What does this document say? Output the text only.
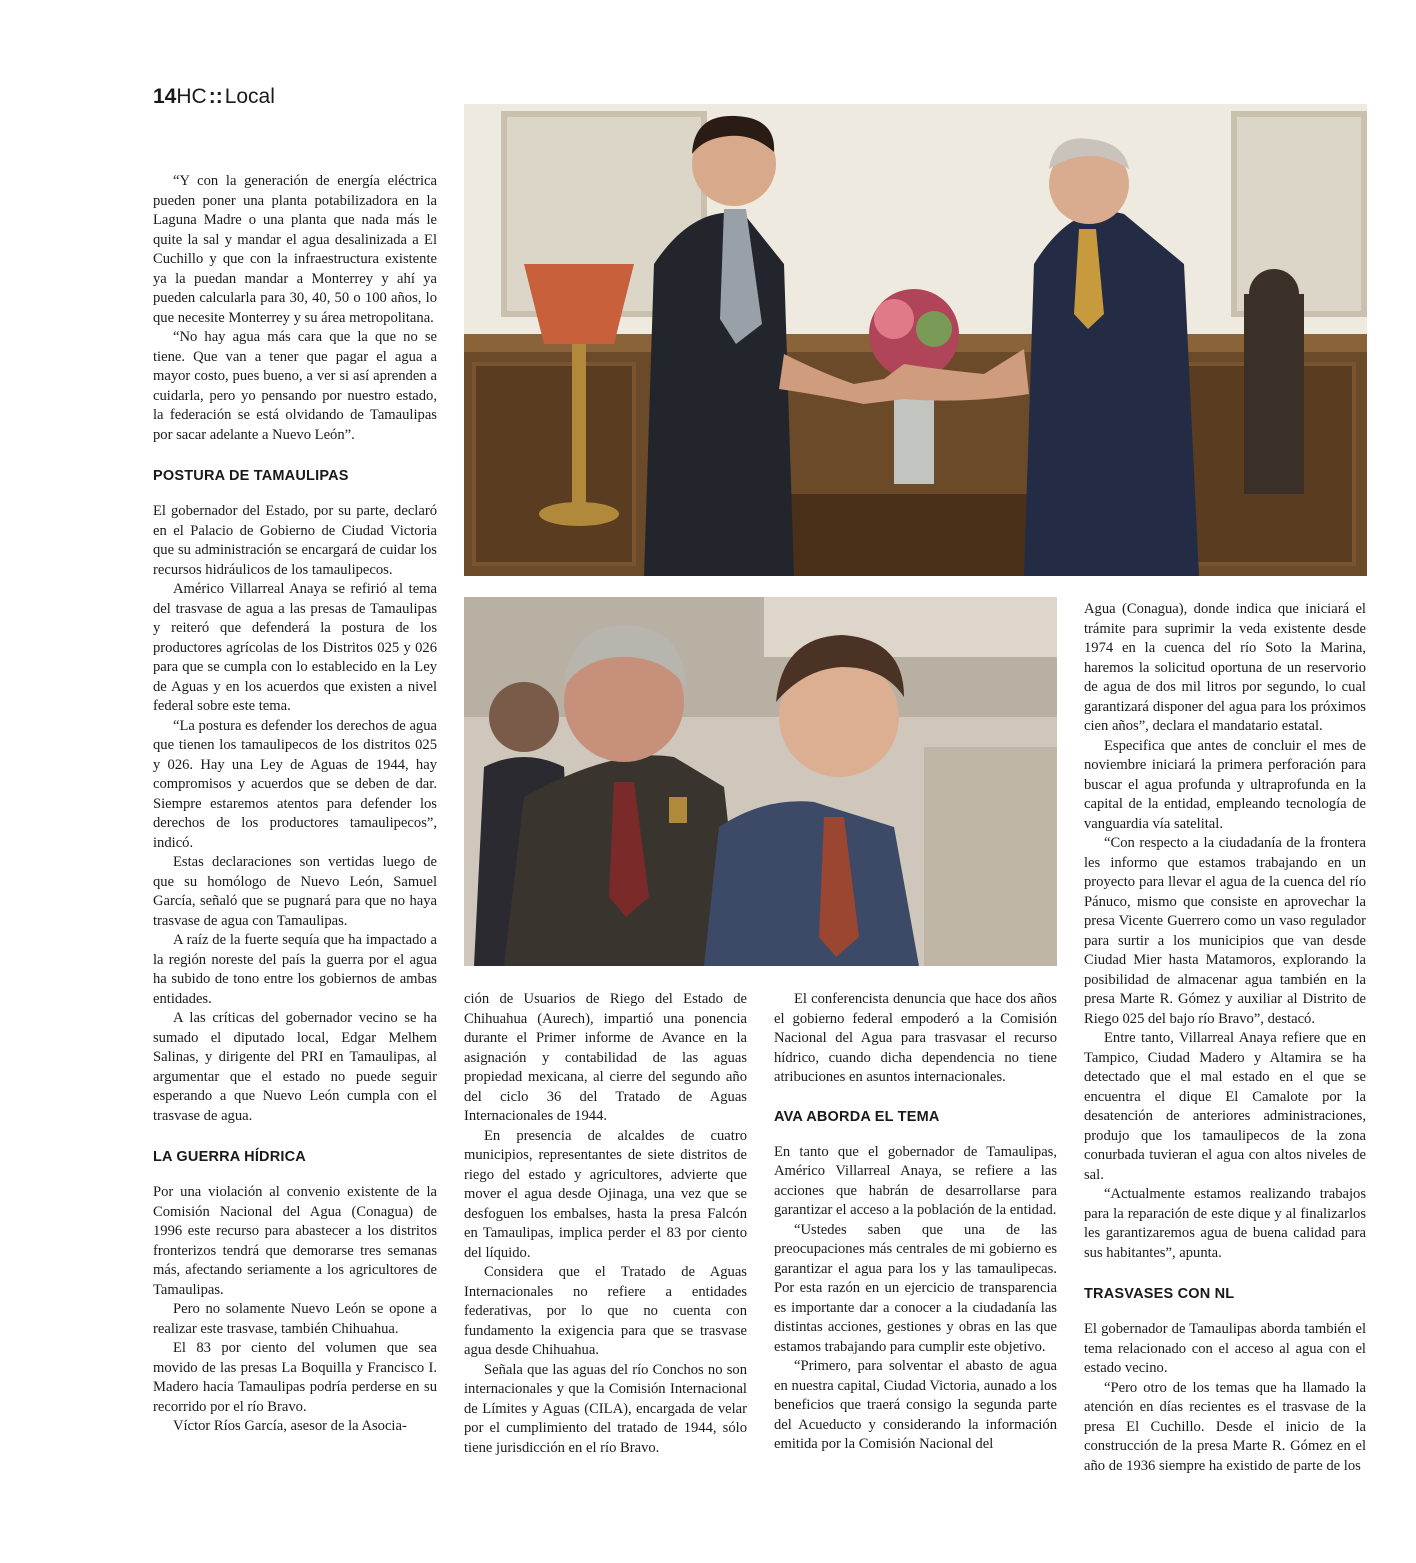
14HC::Local

“Y con la generación de energía eléctrica pueden poner una planta potabilizadora en la Laguna Madre o una planta que nada más le quite la sal y mandar el agua desalinizada a El Cuchillo y que con la infraestructura existente ya la puedan mandar a Monterrey y ahí ya pueden calcularla para 30, 40, 50 o 100 años, lo que necesite Monterrey y su área metropolitana.

“No hay agua más cara que la que no se tiene. Que van a tener que pagar el agua a mayor costo, pues bueno, a ver si así aprenden a cuidarla, pero yo pensando por nuestro estado, la federación se está olvidando de Tamaulipas por sacar adelante a Nuevo León”.

POSTURA DE TAMAULIPAS

El gobernador del Estado, por su parte, declaró en el Palacio de Gobierno de Ciudad Victoria que su administración se encargará de cuidar los recursos hidráulicos de los tamaulipecos.

Américo Villarreal Anaya se refirió al tema del trasvase de agua a las presas de Tamaulipas y reiteró que defenderá la postura de los productores agrícolas de los Distritos 025 y 026 para que se cumpla con lo establecido en la Ley de Aguas y en los acuerdos que existen a nivel federal sobre este tema.

“La postura es defender los derechos de agua que tienen los tamaulipecos de los distritos 025 y 026. Hay una Ley de Aguas de 1944, hay compromisos y acuerdos que se deben de dar. Siempre estaremos atentos para defender los derechos de los productores tamaulipecos”, indicó.

Estas declaraciones son vertidas luego de que su homólogo de Nuevo León, Samuel García, señaló que se pugnará para que no haya trasvase de agua con Tamaulipas.

A raíz de la fuerte sequía que ha impactado a la región noreste del país la guerra por el agua ha subido de tono entre los gobiernos de ambas entidades.

A las críticas del gobernador vecino se ha sumado el diputado local, Edgar Melhem Salinas, y dirigente del PRI en Tamaulipas, al argumentar que el estado no puede seguir esperando a que Nuevo León cumpla con el trasvase de agua.

LA GUERRA HÍDRICA

Por una violación al convenio existente de la Comisión Nacional del Agua (Conagua) de 1996 este recurso para abastecer a los distritos fronterizos tendrá que demorarse tres semanas más, afectando seriamente a los agricultores de Tamaulipas.

Pero no solamente Nuevo León se opone a realizar este trasvase, también Chihuahua.

El 83 por ciento del volumen que sea movido de las presas La Boquilla y Francisco I. Madero hacia Tamaulipas podría perderse en su recorrido por el río Bravo.

Víctor Ríos García, asesor de la Asocia-

ción de Usuarios de Riego del Estado de Chihuahua (Aurech), impartió una ponencia durante el Primer informe de Avance en la asignación y contabilidad de las aguas propiedad mexicana, al cierre del segundo año del ciclo 36 del Tratado de Aguas Internacionales de 1944.

En presencia de alcaldes de cuatro municipios, representantes de siete distritos de riego del estado y agricultores, advierte que mover el agua desde Ojinaga, una vez que se desfoguen los embalses, hasta la presa Falcón en Tamaulipas, implica perder el 83 por ciento del líquido.

Considera que el Tratado de Aguas Internacionales no refiere a entidades federativas, por lo que no cuenta con fundamento la exigencia para que se trasvase agua desde Chihuahua.

Señala que las aguas del río Conchos no son internacionales y que la Comisión Internacional de Límites y Aguas (CILA), encargada de velar por el cumplimiento del tratado de 1944, sólo tiene jurisdicción en el río Bravo.

El conferencista denuncia que hace dos años el gobierno federal empoderó a la Comisión Nacional del Agua para trasvasar el recurso hídrico, cuando dicha dependencia no tiene atribuciones en asuntos internacionales.

AVA ABORDA EL TEMA

En tanto que el gobernador de Tamaulipas, Américo Villarreal Anaya, se refiere a las acciones que habrán de desarrollarse para garantizar el acceso a la población de la entidad.

“Ustedes saben que una de las preocupaciones más centrales de mi gobierno es garantizar el agua para los y las tamaulipecas. Por esta razón en un ejercicio de transparencia es importante dar a conocer a la ciudadanía las distintas acciones, gestiones y obras en las que estamos trabajando para cumplir este objetivo.

“Primero, para solventar el abasto de agua en nuestra capital, Ciudad Victoria, aunado a los beneficios que traerá consigo la segunda parte del Acueducto y considerando la información emitida por la Comisión Nacional del

Agua (Conagua), donde indica que iniciará el trámite para suprimir la veda existente desde 1974 en la cuenca del río Soto la Marina, haremos la solicitud oportuna de un reservorio de agua de dos mil litros por segundo, lo cual garantizará disponer del agua para los próximos cien años”, declara el mandatario estatal.

Especifica que antes de concluir el mes de noviembre iniciará la primera perforación para buscar el agua profunda y ultraprofunda en la capital de la entidad, empleando tecnología de vanguardia vía satelital.

“Con respecto a la ciudadanía de la frontera les informo que estamos trabajando en un proyecto para llevar el agua de la cuenca del río Pánuco, mismo que consiste en aprovechar la presa Vicente Guerrero como un vaso regulador para surtir a los municipios que van desde Ciudad Mier hasta Matamoros, explorando la posibilidad de almacenar agua también en la presa Marte R. Gómez y auxiliar al Distrito de Riego 025 del bajo río Bravo”, destacó.

Entre tanto, Villarreal Anaya refiere que en Tampico, Ciudad Madero y Altamira se ha detectado que el mal estado en el que se encuentra el dique El Camalote por la desatención de anteriores administraciones, produjo que los tamaulipecos de la zona conurbada tuvieran el agua con altos niveles de sal.

“Actualmente estamos realizando trabajos para la reparación de este dique y al finalizarlos les garantizaremos agua de buena calidad para sus habitantes”, apunta.

TRASVASES CON NL

El gobernador de Tamaulipas aborda también el tema relacionado con el acceso al agua con el estado vecino.

“Pero otro de los temas que ha llamado la atención en días recientes es el trasvase de la presa El Cuchillo. Desde el inicio de la construcción de la presa Marte R. Gómez en el año de 1936 siempre ha existido de parte de los
